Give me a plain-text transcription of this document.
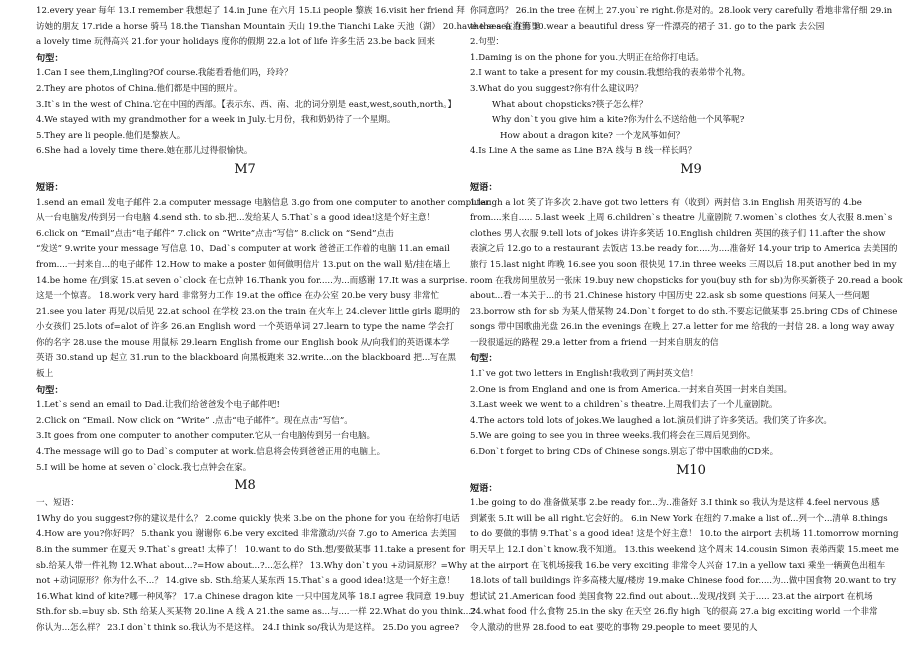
12.every year 每年 13.I remember 我想起了 14.in June 在六月 15.Li people 黎族 16.visit her friend 拜
访她的朋友 17.ride a horse 骑马 18.the Tianshan Mountain 天山 19.the Tianchi Lake 天池（湖） 20.have the sea 在海里
a lovely time 玩得高兴 21.for your holidays 度你的假期 22.a lot of life 许多生活 23.be back 回来
句型：
1.Can I see them,Lingling?Of course.我能看看他们吗，玲玲？
2.They are photos of China.他们都是中国的照片。
3.It`s in the west of China.它在中国的西部。【表示东、西、南、北的词分别是 east,west,south,north。】
4.We stayed with my grandmother for a week in July.七月份，我和奶奶待了一个星期。
5.They are li people.他们是黎族人。
6.She had a lovely time there.她在那儿过得很愉快。
M7
短语：
1.send an email 发电子邮件 2.a computer message 电脑信息 3.go from one computer to another computer
从一台电脑发/传到另一台电脑 4.send sth. to sb.把...发给某人 5.That`s a good idea!这是个好主意！
6.click on “Email”点击“电子邮件” 7.click on “Write”点击“写信” 8.click on “Send”点击
“发送” 9.write your message 写信息 10、Dad`s computer at work 爸爸正工作着的电脑 11.an email
from....一封来自...的电子邮件 12.How to make a poster 如何做明信片 13.put on the wall 贴/挂在墙上
14.be home 在/到家 15.at seven o`clock 在七点钟 16.Thank you for.....为...而感谢 17.It was a surprise.
这是一个惊喜。 18.work very hard 非常努力工作 19.at the office 在办公室 20.be very busy 非常忙
21.see you later 再见/以后见 22.at school 在学校 23.on the train 在火车上 24.clever little girls 聪明的
小女孩们 25.lots of=alot of 许多 26.an English word 一个英语单词 27.learn to type the name 学会打
你的名字 28.use the mouse 用鼠标 29.learn English frome our English book 从/向我们的英语课本学
英语 30.stand up 起立 31.run to the blackboard 向黑板跑来 32.write...on the blackboard 把...写在黑
板上
句型：
1.Let`s send an email to Dad.让我们给爸爸发个电子邮件吧!
2.Click on “Email. Now click on “Write” .点击“电子邮件”。现在点击“写信”。
3.It goes from one computer to another computer.它从一台电脑传到另一台电脑。
4.The message will go to Dad`s computer at work.信息将会传到爸爸正用的电脑上。
5.I will be home at seven o`clock.我七点钟会在家。
M8
一、短语：
1Why do you suggest?你的建议是什么？ 2.come quickly 快来 3.be on the phone for you 在给你打电话
4.How are you?你好吗？ 5.thank you 谢谢你 6.be very excited 非常激动/兴奋 7.go to America 去美国
8.in the summer 在夏天 9.That`s great! 太棒了！ 10.want to do Sth.想/要做某事 11.take a present for
sb.给某人带一件礼物 12.What about...?=How about...?...怎么样？ 13.Why don`t you +动词原形？=Why
not +动词原形？你为什么不...？ 14.give sb. Sth.给某人某东西 15.That`s a good idea!这是一个好主意！
16.What kind of kite?哪一种风筝？ 17.a Chinese dragon kite 一只中国龙风筝 18.I agree 我同意 19.buy
Sth.for sb.=buy sb. Sth 给某人买某物 20.line A 线 A 21.the same as...与....一样 22.What do you think...?
你认为...怎么样？ 23.I don`t think so.我认为不是这样。 24.I think so/我认为是这样。 25.Do you agree?
你同意吗？ 26.in the tree 在树上 27.you`re right.你是对的。28.look very carefully 看地非常仔细 29.in
the sea 在海里 30.wear a beautiful dress 穿一件漂亮的裙子 31. go to the park 去公园
2.句型：
1.Daming is on the phone for you.大明正在给你打电话。
2.I want to take a present for my cousin.我想给我的表弟带个礼物。
3.What do you suggest?你有什么建议吗？
What about chopsticks?筷子怎么样？
Why don`t you give him a kite?你为什么不送给他一个风筝呢?
How about a dragon kite? 一个龙风筝如何？
4.Is Line A the same as Line B?A 线与 B 线一样长吗？
M9
短语：
1.laugh a lot 笑了许多次 2.have got two letters 有（收到）两封信 3.in English 用英语写的 4.be
from....来自..... 5.last week 上周 6.children`s theatre 儿童剧院 7.women`s clothes 女人衣服 8.men`s
clothes 男人衣服 9.tell lots of jokes 讲许多笑话 10.English children 英国的孩子们 11.after the show
表演之后 12.go to a restaurant 去饭店 13.be ready for.....为....准备好 14.your trip to America 去美国的
旅行 15.last night 昨晚 16.see you soon 很快见 17.in three weeks 三周以后 18.put another bed in my
room 在我房间里放另一张床 19.buy new chopsticks for you(buy sth for sb)为你买新筷子 20.read a book
about...看一本关于...的书 21.Chinese history 中国历史 22.ask sb some questions 问某人一些问题
23.borrow sth for sb 为某人借某物 24.Don`t forget to do sth.不要忘记做某事 25.bring CDs of Chinese
songs 带中国歌曲光盘 26.in the evenings 在晚上 27.a letter for me 给我的一封信 28. a long way away
一段很遥远的路程 29.a letter from a friend 一封来自朋友的信
句型：
1.I`ve got two letters in English!我收到了两封英文信！
2.One is from England and one is from America.一封来自英国一封来自美国。
3.Last week we went to a children`s theatre.上周我们去了一个儿童剧院。
4.The actors told lots of jokes.We laughed a lot.演员们讲了许多笑话。我们笑了许多次。
5.We are going to see you in three weeks.我们将会在三周后见到你。
6.Don`t forget to bring CDs of Chinese songs.别忘了带中国歌曲的CD来。
M10
短语：
1.be going to do 准备做某事 2.be ready for...为..准备好 3.I think so 我认为是这样 4.feel nervous 感
到紧张 5.It will be all right.它会好的。 6.in New York 在纽约 7.make a list of...列一个...清单 8.things
to do 要做的事情 9.That`s a good idea! 这是个好主意！ 10.to the airport 去机场 11.tomorrow morning
明天早上 12.I don`t know.我不知道。 13.this weekend 这个周末 14.cousin Simon 表弟西蒙 15.meet me
at the airport 在飞机场接我 16.be very exciting 非常令人兴奋 17.in a yellow taxi 乘坐一辆黄色出租车
18.lots of tall buildings 许多高楼大厦/楼房 19.make Chinese food for.....为...做中国食物 20.want to try
想试试 21.American food 美国食物 22.find out about...发现/找到 关于..... 23.at the airport 在机场
24.what food 什么食物 25.in the sky 在天空 26.fly high 飞的很高 27.a big exciting world 一个非常
令人激动的世界 28.food to eat 要吃的事物 29.people to meet 要见的人
